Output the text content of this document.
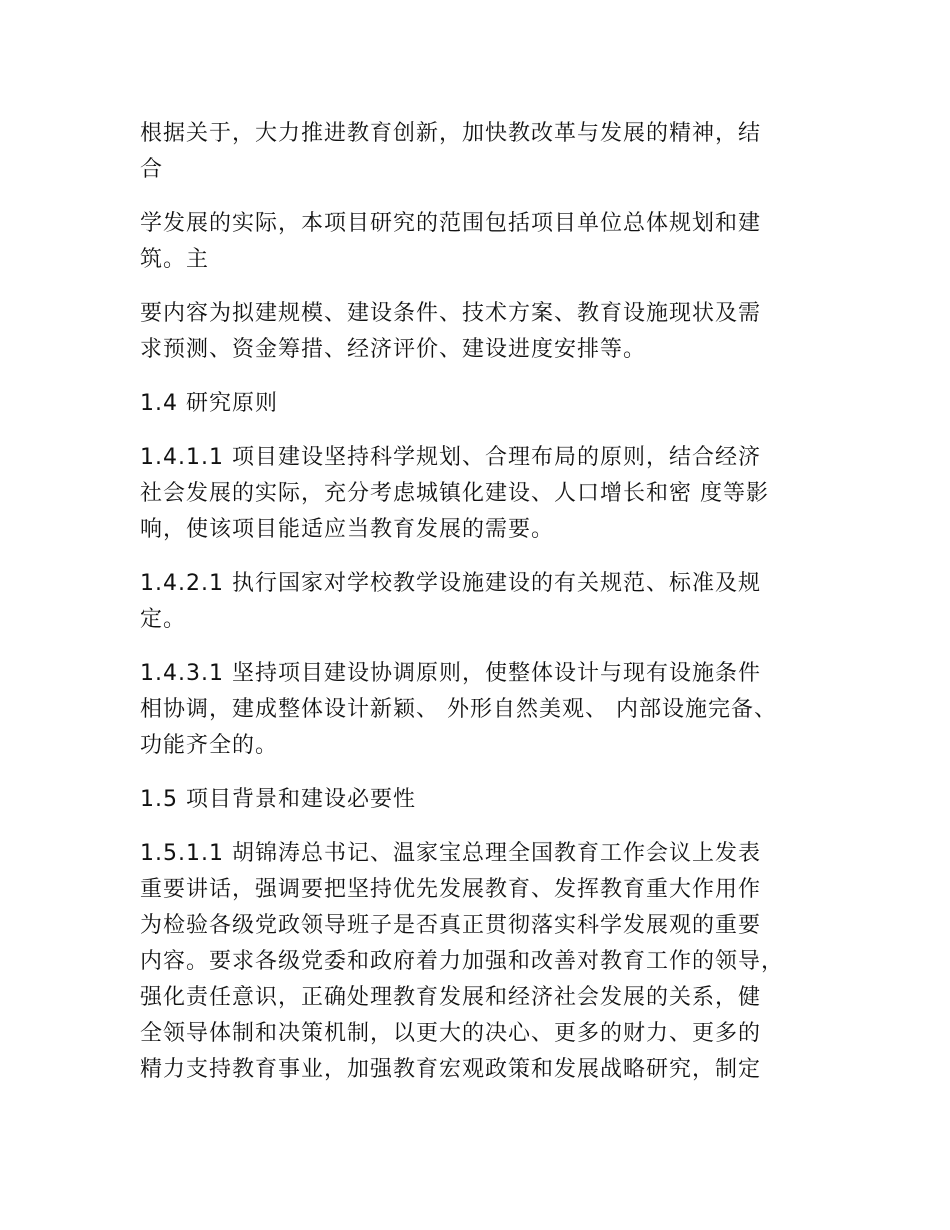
根据关于，大力推进教育创新，加快教改革与发展的精神，结
合
学发展的实际，本项目研究的范围包括项目单位总体规划和建
筑。主
要内容为拟建规模、建设条件、技术方案、教育设施现状及需
求预测、资金筹措、经济评价、建设进度安排等。
1.4 研究原则
1.4.1.1 项目建设坚持科学规划、合理布局的原则，结合经济
社会发展的实际，充分考虑城镇化建设、人口增长和密 度等影
响，使该项目能适应当教育发展的需要。
1.4.2.1 执行国家对学校教学设施建设的有关规范、标准及规
定。
1.4.3.1 坚持项目建设协调原则，使整体设计与现有设施条件
相协调，建成整体设计新颖、 外形自然美观、 内部设施完备、
功能齐全的。
1.5 项目背景和建设必要性
1.5.1.1 胡锦涛总书记、温家宝总理全国教育工作会议上发表
重要讲话，强调要把坚持优先发展教育、发挥教育重大作用作
为检验各级党政领导班子是否真正贯彻落实科学发展观的重要
内容。要求各级党委和政府着力加强和改善对教育工作的领导，
强化责任意识，正确处理教育发展和经济社会发展的关系，健
全领导体制和决策机制，以更大的决心、更多的财力、更多的
精力支持教育事业，加强教育宏观政策和发展战略研究，制定
